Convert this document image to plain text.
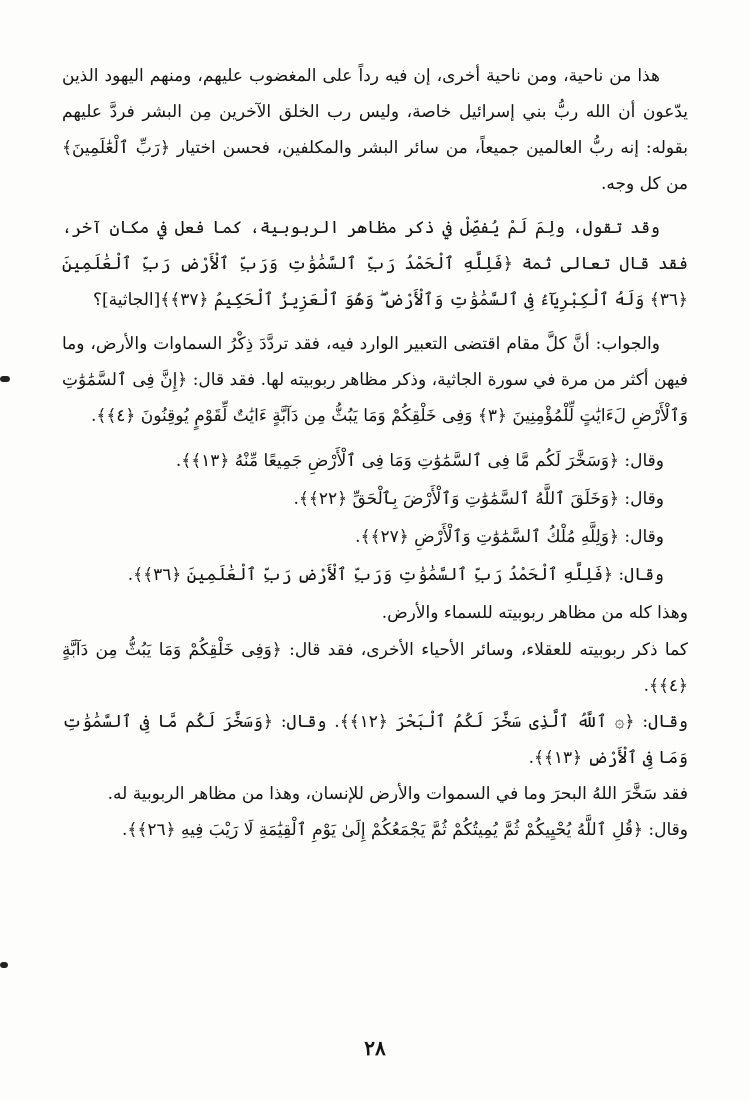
هذا من ناحية، ومن ناحية أخرى، إن فيه رداً على المغضوب عليهم، ومنهم اليهود الذين يدّعون أن الله ربُّ بني إسرائيل خاصة، وليس رب الخلق الآخرين مِن البشر فردَّ عليهم بقوله: إنه ربُّ العالمين جميعاً، من سائر البشر والمكلفين، فحسن اختيار ﴿رَبِّ ٱلْعَٰلَمِينَ﴾ من كل وجه.

وقد تقول، ولِمَ لَمْ يُفصِّلْ في ذكر مظاهر الربوبية، كما فعل في مكان آخر، فقد قال تعالى ثمة ﴿فَلِلَّهِ ٱلْحَمْدُ رَبِّ ٱلسَّمَٰوَٰتِ وَرَبِّ ٱلْأَرْضِ رَبِّ ٱلْعَٰلَمِينَ ﴿٣٦﴾ وَلَهُ ٱلْكِبْرِيَآءُ فِى ٱلسَّمَٰوَٰتِ وَٱلْأَرْضِ ۖ وَهُوَ ٱلْعَزِيزُ ٱلْحَكِيمُ ﴿٣٧﴾﴾[الجاثية]؟

والجواب: أنَّ كلَّ مقام اقتضى التعبير الوارد فيه، فقد تردَّدَ ذِكْرُ السماوات والأرض، وما فيهن أكثر من مرة في سورة الجاثية، وذكر مظاهر ربوبيته لها. فقد قال: ﴿إِنَّ فِى ٱلسَّمَٰوَٰتِ وَٱلْأَرْضِ لَءَايَٰتٍ لِّلْمُؤْمِنِينَ ﴿٣﴾ وَفِى خَلْقِكُمْ وَمَا يَبُثُّ مِن دَآبَّةٍ ءَايَٰتٌ لِّقَوْمٍ يُوقِنُونَ ﴿٤﴾﴾.

وقال: ﴿وَسَخَّرَ لَكُم مَّا فِى ٱلسَّمَٰوَٰتِ وَمَا فِى ٱلْأَرْضِ جَمِيعًا مِّنْهُ ﴿١٣﴾﴾.

وقال: ﴿وَخَلَقَ ٱللَّهُ ٱلسَّمَٰوَٰتِ وَٱلْأَرْضَ بِٱلْحَقِّ ﴿٢٢﴾﴾.

وقال: ﴿وَلِلَّهِ مُلْكُ ٱلسَّمَٰوَٰتِ وَٱلْأَرْضِ ﴿٢٧﴾﴾.

وقال: ﴿فَلِلَّهِ ٱلْحَمْدُ رَبِّ ٱلسَّمَٰوَٰتِ وَرَبِّ ٱلْأَرْضِ رَبِّ ٱلْعَٰلَمِينَ ﴿٣٦﴾﴾.

وهذا كله من مظاهر ربوبيته للسماء والأرض.

كما ذكر ربوبيته للعقلاء، وسائر الأحياء الأخرى، فقد قال: ﴿وَفِى خَلْقِكُمْ وَمَا يَبُثُّ مِن دَآبَّةٍ ﴿٤﴾﴾.

وقال: ﴿۞ ٱللَّهُ ٱلَّذِى سَخَّرَ لَكُمُ ٱلْبَحْرَ ﴿١٢﴾﴾. وقال: ﴿وَسَخَّرَ لَكُم مَّا فِى ٱلسَّمَٰوَٰتِ وَمَا فِى ٱلْأَرْضِ ﴿١٣﴾﴾.

فقد سَخَّرَ اللهُ البحرَ وما في السموات والأرض للإنسان، وهذا من مظاهر الربوبية له.

وقال: ﴿قُلِ ٱللَّهُ يُحْيِيكُمْ ثُمَّ يُمِيتُكُمْ ثُمَّ يَجْمَعُكُمْ إِلَىٰ يَوْمِ ٱلْقِيَٰمَةِ لَا رَيْبَ فِيهِ ﴿٢٦﴾﴾.

٢٨
